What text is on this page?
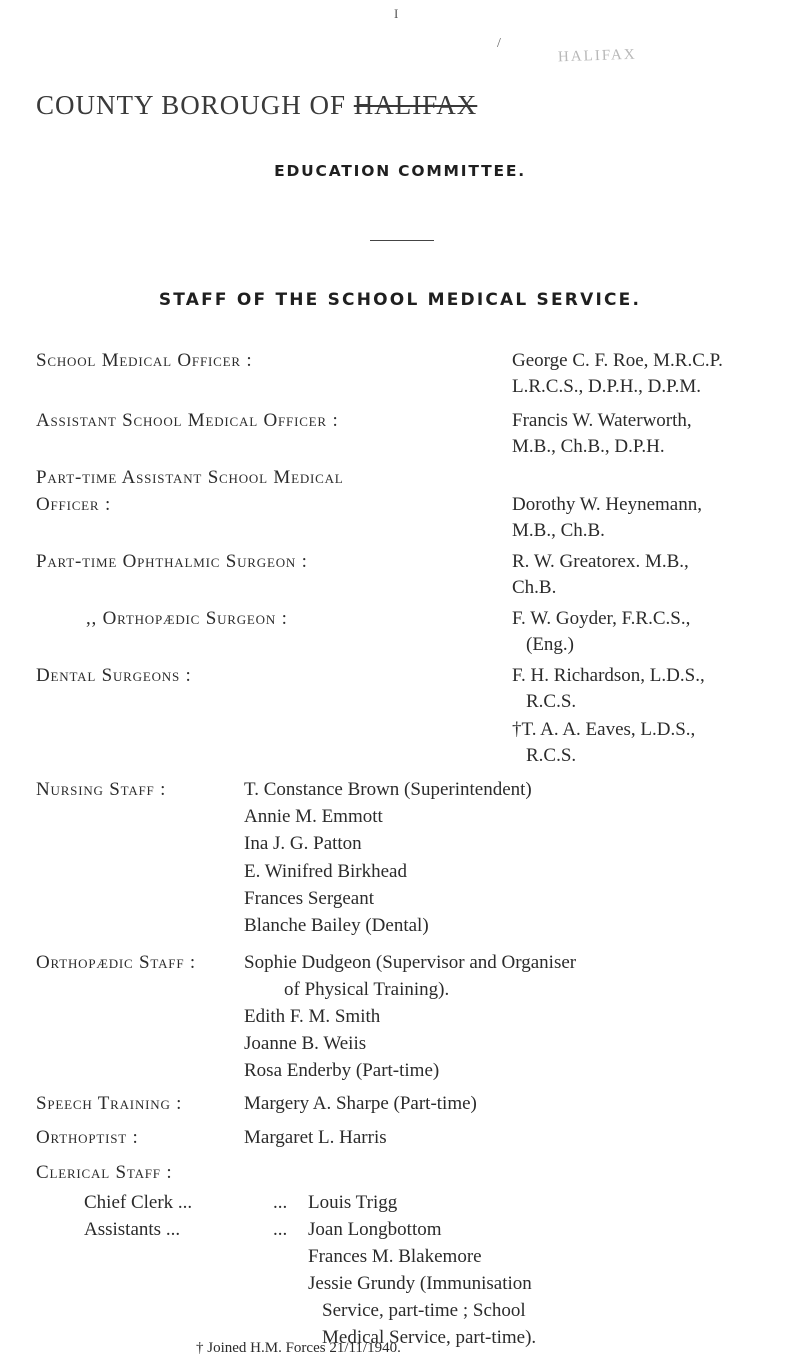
I
/
HALIFAX
COUNTY BOROUGH OF HALIFAX
EDUCATION COMMITTEE.
STAFF OF THE SCHOOL MEDICAL SERVICE.
School Medical Officer :	George C. F. Roe, M.R.C.P.
L.R.C.S., D.P.H., D.P.M.
Assistant School Medical Officer :	Francis W. Waterworth,
M.B., Ch.B., D.P.H.
Part-time Assistant School Medical
Officer :	Dorothy W. Heynemann,
M.B., Ch.B.
Part-time Ophthalmic Surgeon :	R. W. Greatorex. M.B.,
Ch.B.
,, Orthopædic Surgeon :	F. W. Goyder, F.R.C.S.,
(Eng.)
Dental Surgeons :	F. H. Richardson, L.D.S.,
R.C.S.
†T. A. A. Eaves, L.D.S.,
R.C.S.
Nursing Staff :	T. Constance Brown (Superintendent)
Annie M. Emmott
Ina J. G. Patton
E. Winifred Birkhead
Frances Sergeant
Blanche Bailey (Dental)
Orthopædic Staff :	Sophie Dudgeon (Supervisor and Organiser
of Physical Training).
Edith F. M. Smith
Joanne B. Weiis
Rosa Enderby (Part-time)
Speech Training :	Margery A. Sharpe (Part-time)
Orthoptist :	Margaret L. Harris
Clerical Staff :
Chief Clerk ...	... Louis Trigg
Assistants ...	... Joan Longbottom
Frances M. Blakemore
Jessie Grundy (Immunisation
Service, part-time ; School
Medical Service, part-time).
† Joined H.M. Forces 21/11/1940.
